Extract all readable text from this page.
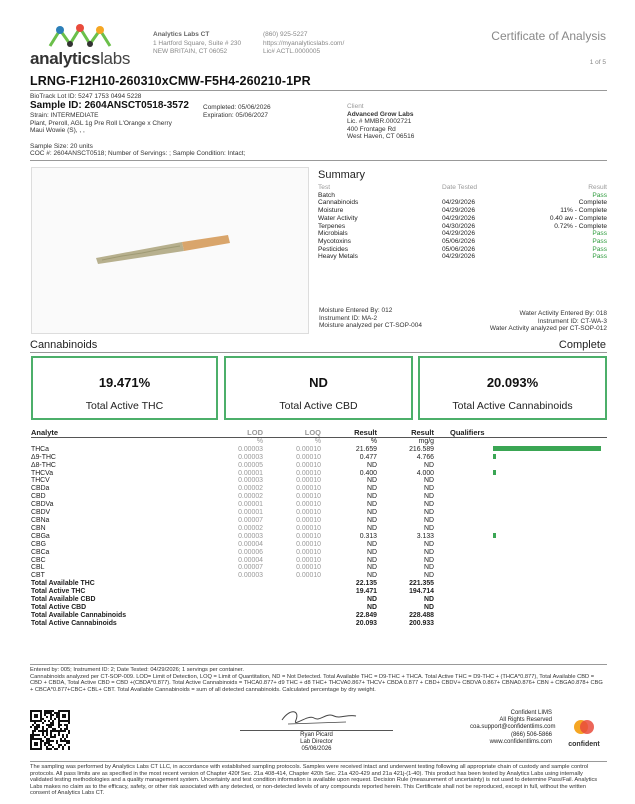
analyticslabs
Analytics Labs CT
1 Hartford Square, Suite # 230
NEW BRITAIN, CT 06052
(860) 925-5227
https://myanalyticslabs.com/
Lic# ACTL.0000005
Certificate of Analysis
1 of 5
LRNG-F12H10-260310xCMW-F5H4-260210-1PR
BioTrack Lot ID: 5247 1753 0494 5228
Sample ID: 2604ANSCT0518-3572
Strain: INTERMEDIATE
Plant, Preroll, AGL 1g Pre Roll L'Orange x Cherry
Maui Wowie (S), , ,
Completed: 05/06/2026
Expiration: 05/06/2027
Client
Advanced Grow Labs
Lic. # MMBR.0002721
400 Frontage Rd
West Haven, CT 06516
Sample Size: 20 units
COC #: 2604ANSCT0518; Number of Servings: ; Sample Condition: Intact;
Summary
Test	Date Tested	Result
Batch		Pass
Cannabinoids	04/29/2026	Complete
Moisture	04/29/2026	11% - Complete
Water Activity	04/29/2026	0.40 aw - Complete
Terpenes	04/30/2026	0.72% - Complete
Microbials	04/29/2026	Pass
Mycotoxins	05/06/2026	Pass
Pesticides	05/06/2026	Pass
Heavy Metals	04/29/2026	Pass
Moisture Entered By: 012
Instrument ID: MA-2
Moisture analyzed per CT-SOP-004
Water Activity Entered By: 018
Instrument ID: CT-WA-3
Water Activity analyzed per CT-SOP-012
Cannabinoids	Complete
19.471%
Total Active THC
ND
Total Active CBD
20.093%
Total Active Cannabinoids
Analyte	LOD	LOQ	Result	Result	Qualifiers
	%	%	%	mg/g	
THCa	0.00003	0.00010	21.659	216.589	
Δ9-THC	0.00003	0.00010	0.477	4.766	
Δ8-THC	0.00005	0.00010	ND	ND	
THCVa	0.00001	0.00010	0.400	4.000	
THCV	0.00003	0.00010	ND	ND	
CBDa	0.00002	0.00010	ND	ND	
CBD	0.00002	0.00010	ND	ND	
CBDVa	0.00001	0.00010	ND	ND	
CBDV	0.00001	0.00010	ND	ND	
CBNa	0.00007	0.00010	ND	ND	
CBN	0.00002	0.00010	ND	ND	
CBGa	0.00003	0.00010	0.313	3.133	
CBG	0.00004	0.00010	ND	ND	
CBCa	0.00006	0.00010	ND	ND	
CBC	0.00004	0.00010	ND	ND	
CBL	0.00007	0.00010	ND	ND	
CBT	0.00003	0.00010	ND	ND	
Total Available THC			22.135	221.355	
Total Active THC			19.471	194.714	
Total Available CBD			ND	ND	
Total Active CBD			ND	ND	
Total Available Cannabinoids			22.849	228.488	
Total Active Cannabinoids			20.093	200.933	
Entered by: 005; Instrument ID: 2; Date Tested: 04/29/2026; 1 servings per container.
Cannabinoids analyzed per CT-SOP-009. LOD= Limit of Detection, LOQ = Limit of Quantitation, ND = Not Detected. Total Available THC = D9-THC + THCA. Total Active THC = D9-THC + (THCA*0.877), Total Available CBD = CBD + CBDA, Total Active CBD = CBD +(CBDA*0.877). Total Active Cannabinoids = THCA0.877+ d9 THC + d8 THC+ THCVA0.867+ THCV+ CBDA 0.877 + CBD+ CBDV+ CBDVA 0.867+ CBNA0.876+ CBN + CBGA0.878+ CBG + CBCA*0.877+CBC+ CBL+ CBT. Total Available Cannabinoids = sum of all detected cannabinoids. Calculated percentage by dry weight.
Ryan Picard
Lab Director
05/06/2026
Confident LIMS
All Rights Reserved
coa.support@confidentlims.com
(866) 506-5866
www.confidentlims.com	confident
The sampling was performed by Analytics Labs CT LLC, in accordance with established sampling protocols. Samples were received intact and underwent testing following all appropriate chain of custody and sample control protocols. All pass limits are as specified in the most recent version of Chapter 420f Sec. 21a 408-414, Chapter 420h Sec. 21a 420-429 and 21a 421j-(1-40). This product has been tested by Analytics Labs using internally validated testing methodologies and a quality management system. Uncertainty and test condition information is available upon request. Decision Rule (measurement of uncertainty) is not used to determine Pass/Fail. Analytics Labs makes no claim as to the efficacy, safety, or other risk associated with any detected, or non-detected levels of any compounds reported herein. This Certificate shall not be reproduced, except in full, without the written consent of Analytics Labs CT.
